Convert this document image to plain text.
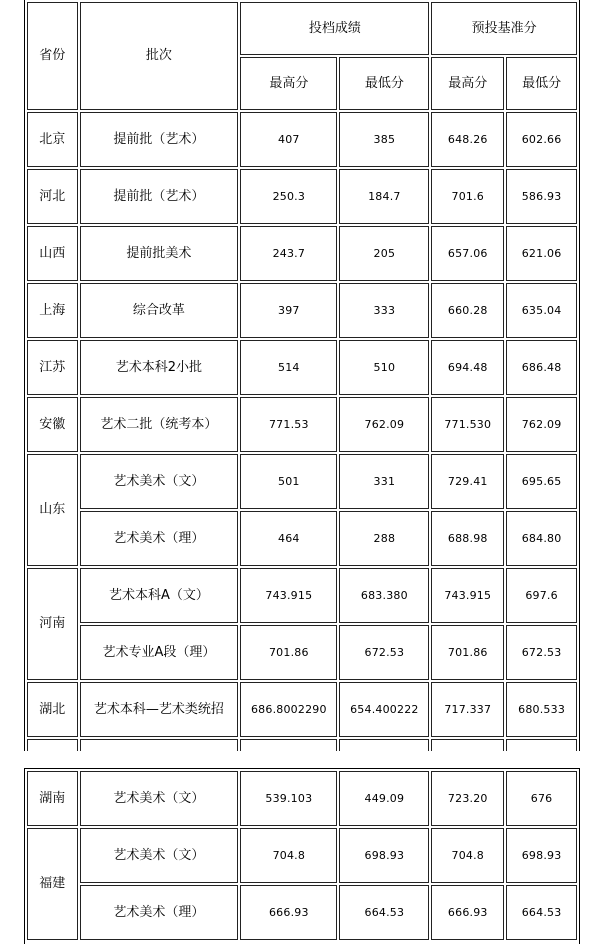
省份	批次	投档成绩		预投基准分	
		最高分	最低分	最高分	最低分
北京	提前批（艺术）	407	385	648.26	602.66
河北	提前批（艺术）	250.3	184.7	701.6	586.93
山西	提前批美术	243.7	205	657.06	621.06
上海	综合改革	397	333	660.28	635.04
江苏	艺术本科2小批	514	510	694.48	686.48
安徽	艺术二批（统考本）	771.53	762.09	771.530	762.09
山东	艺术美术（文）	501	331	729.41	695.65
	艺术美术（理）	464	288	688.98	684.80
河南	艺术本科A（文）	743.915	683.380	743.915	697.6
	艺术专业A段（理）	701.86	672.53	701.86	672.53
湖北	艺术本科—艺术类统招	686.8002290	654.400222	717.337	680.533

湖南	艺术美术（文）	539.103	449.09	723.20	676
福建	艺术美术（文）	704.8	698.93	704.8	698.93
	艺术美术（理）	666.93	664.53	666.93	664.53
